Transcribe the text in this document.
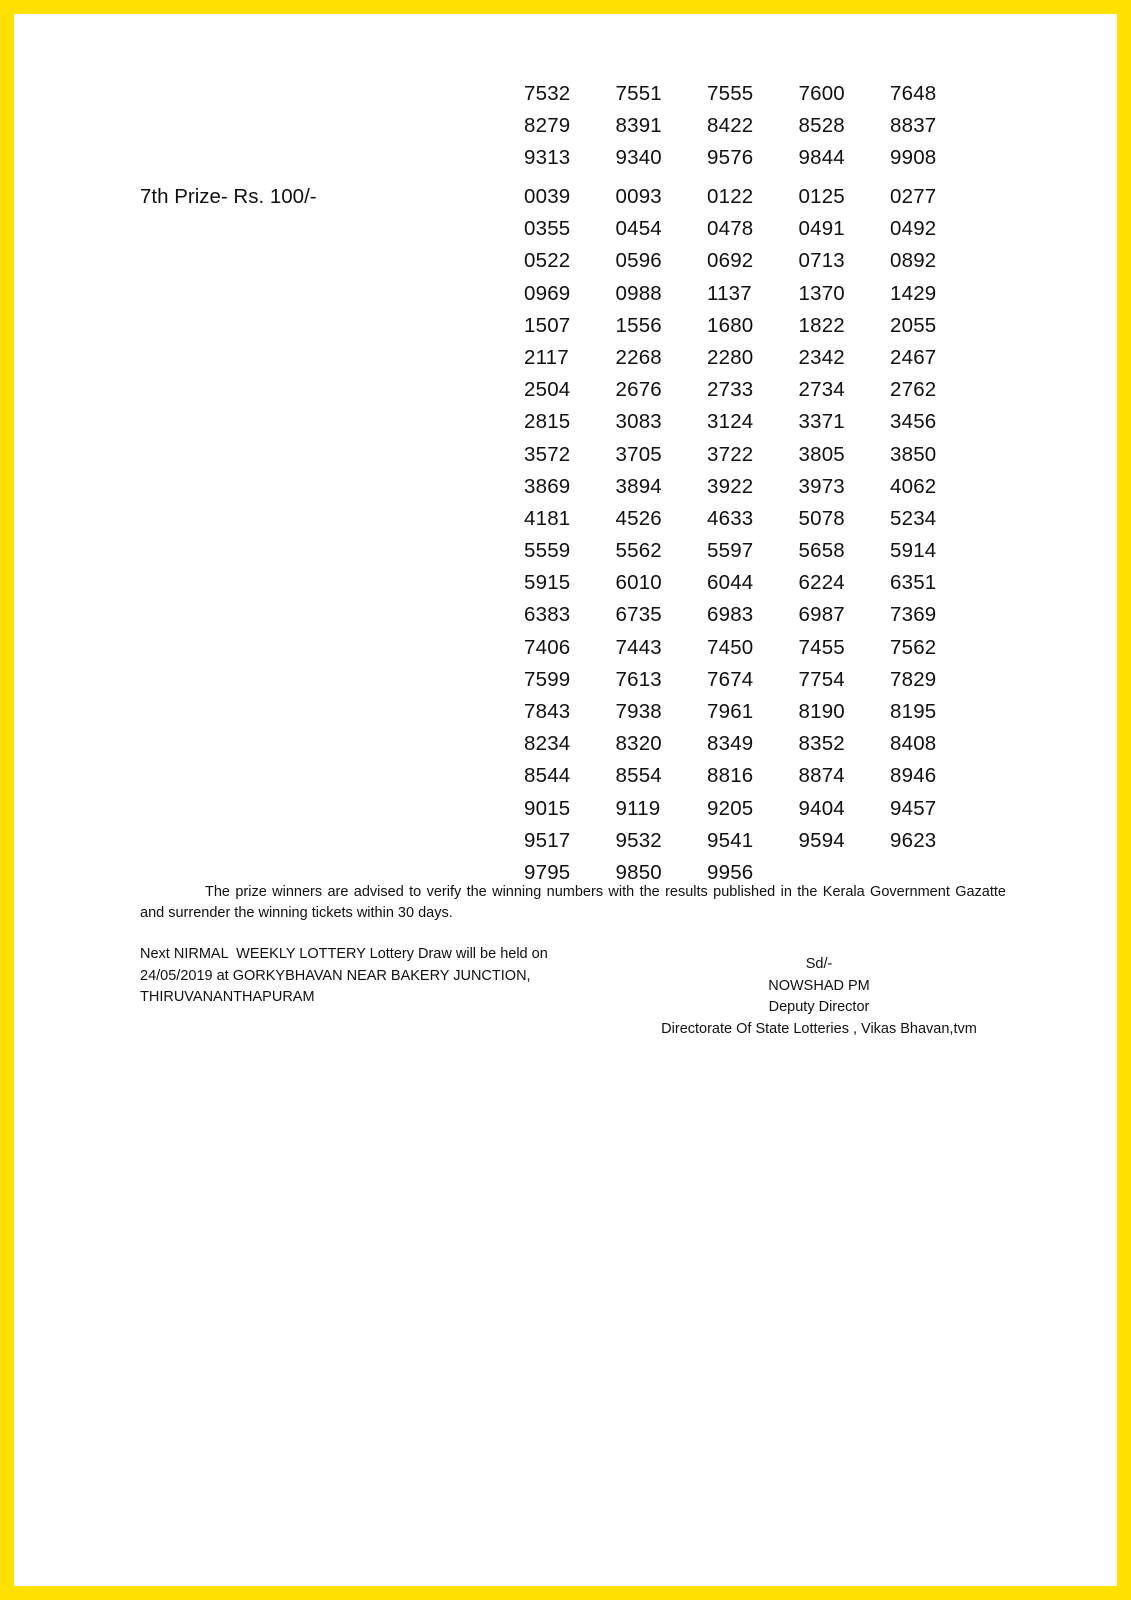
7532	7551	7555	7600	7648
8279	8391	8422	8528	8837
9313	9340	9576	9844	9908
7th Prize- Rs. 100/-	0039	0093	0122	0125	0277
0355	0454	0478	0491	0492
0522	0596	0692	0713	0892
0969	0988	1137	1370	1429
1507	1556	1680	1822	2055
2117	2268	2280	2342	2467
2504	2676	2733	2734	2762
2815	3083	3124	3371	3456
3572	3705	3722	3805	3850
3869	3894	3922	3973	4062
4181	4526	4633	5078	5234
5559	5562	5597	5658	5914
5915	6010	6044	6224	6351
6383	6735	6983	6987	7369
7406	7443	7450	7455	7562
7599	7613	7674	7754	7829
7843	7938	7961	8190	8195
8234	8320	8349	8352	8408
8544	8554	8816	8874	8946
9015	9119	9205	9404	9457
9517	9532	9541	9594	9623
9795	9850	9956
The prize winners are advised to verify the winning numbers with the results published in the Kerala Government Gazatte and surrender the winning tickets within 30 days.
Next NIRMAL  WEEKLY LOTTERY Lottery Draw will be held on
24/05/2019 at GORKYBHAVAN NEAR BAKERY JUNCTION,
THIRUVANANTHAPURAM
Sd/-
NOWSHAD PM
Deputy Director
Directorate Of State Lotteries , Vikas Bhavan,tvm
